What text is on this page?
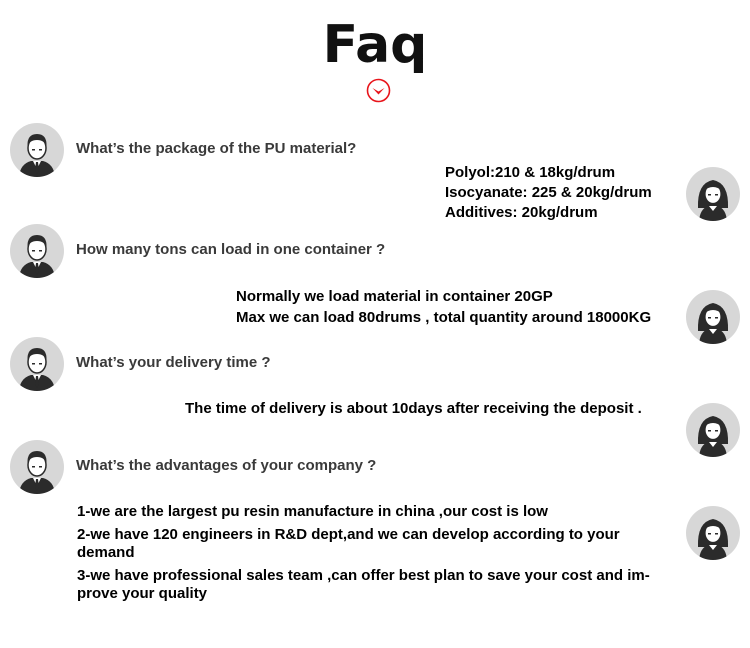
Faq
What’s the package of the PU material?
Polyol:210 & 18kg/drum
Isocyanate: 225 & 20kg/drum
Additives: 20kg/drum
How many tons can load in one container ?
Normally we load material in container 20GP
Max we can load 80drums , total quantity around 18000KG
What’s your delivery time ?
The time of delivery is about 10days after receiving the deposit .
What’s the advantages of your company ?
1-we are the largest pu resin manufacture in china ,our cost is low
2-we have 120 engineers in R&D dept,and we can develop according to your demand
3-we have professional sales team ,can offer best plan to save your cost and im-prove your quality
